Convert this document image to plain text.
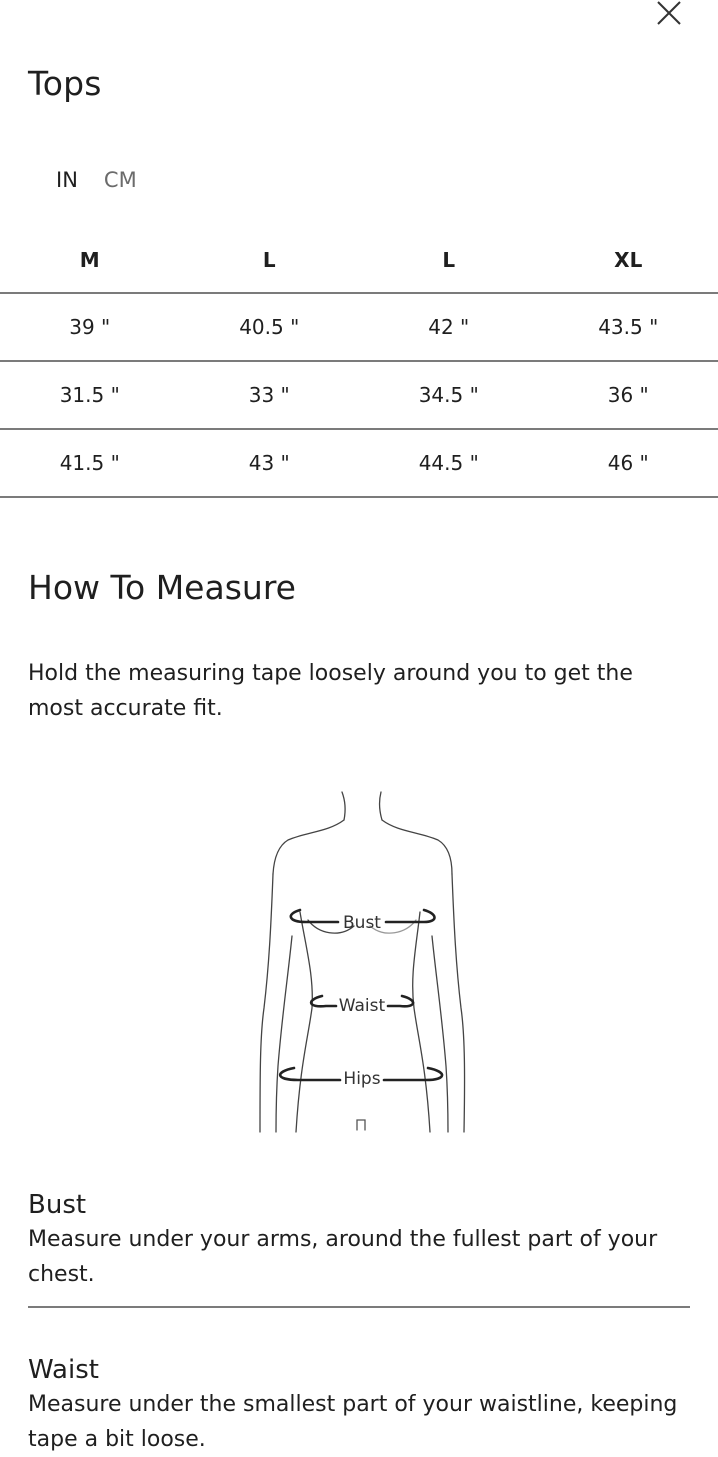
Tops
IN CM
M	L	L	XL
39 "	40.5 "	42 "	43.5 "
31.5 "	33 "	34.5 "	36 "
41.5 "	43 "	44.5 "	46 "
How To Measure

Hold the measuring tape loosely around you to get the most accurate fit.

Bust
Waist
Hips

Bust

Measure under your arms, around the fullest part of your chest.

Waist

Measure under the smallest part of your waistline, keeping tape a bit loose.
